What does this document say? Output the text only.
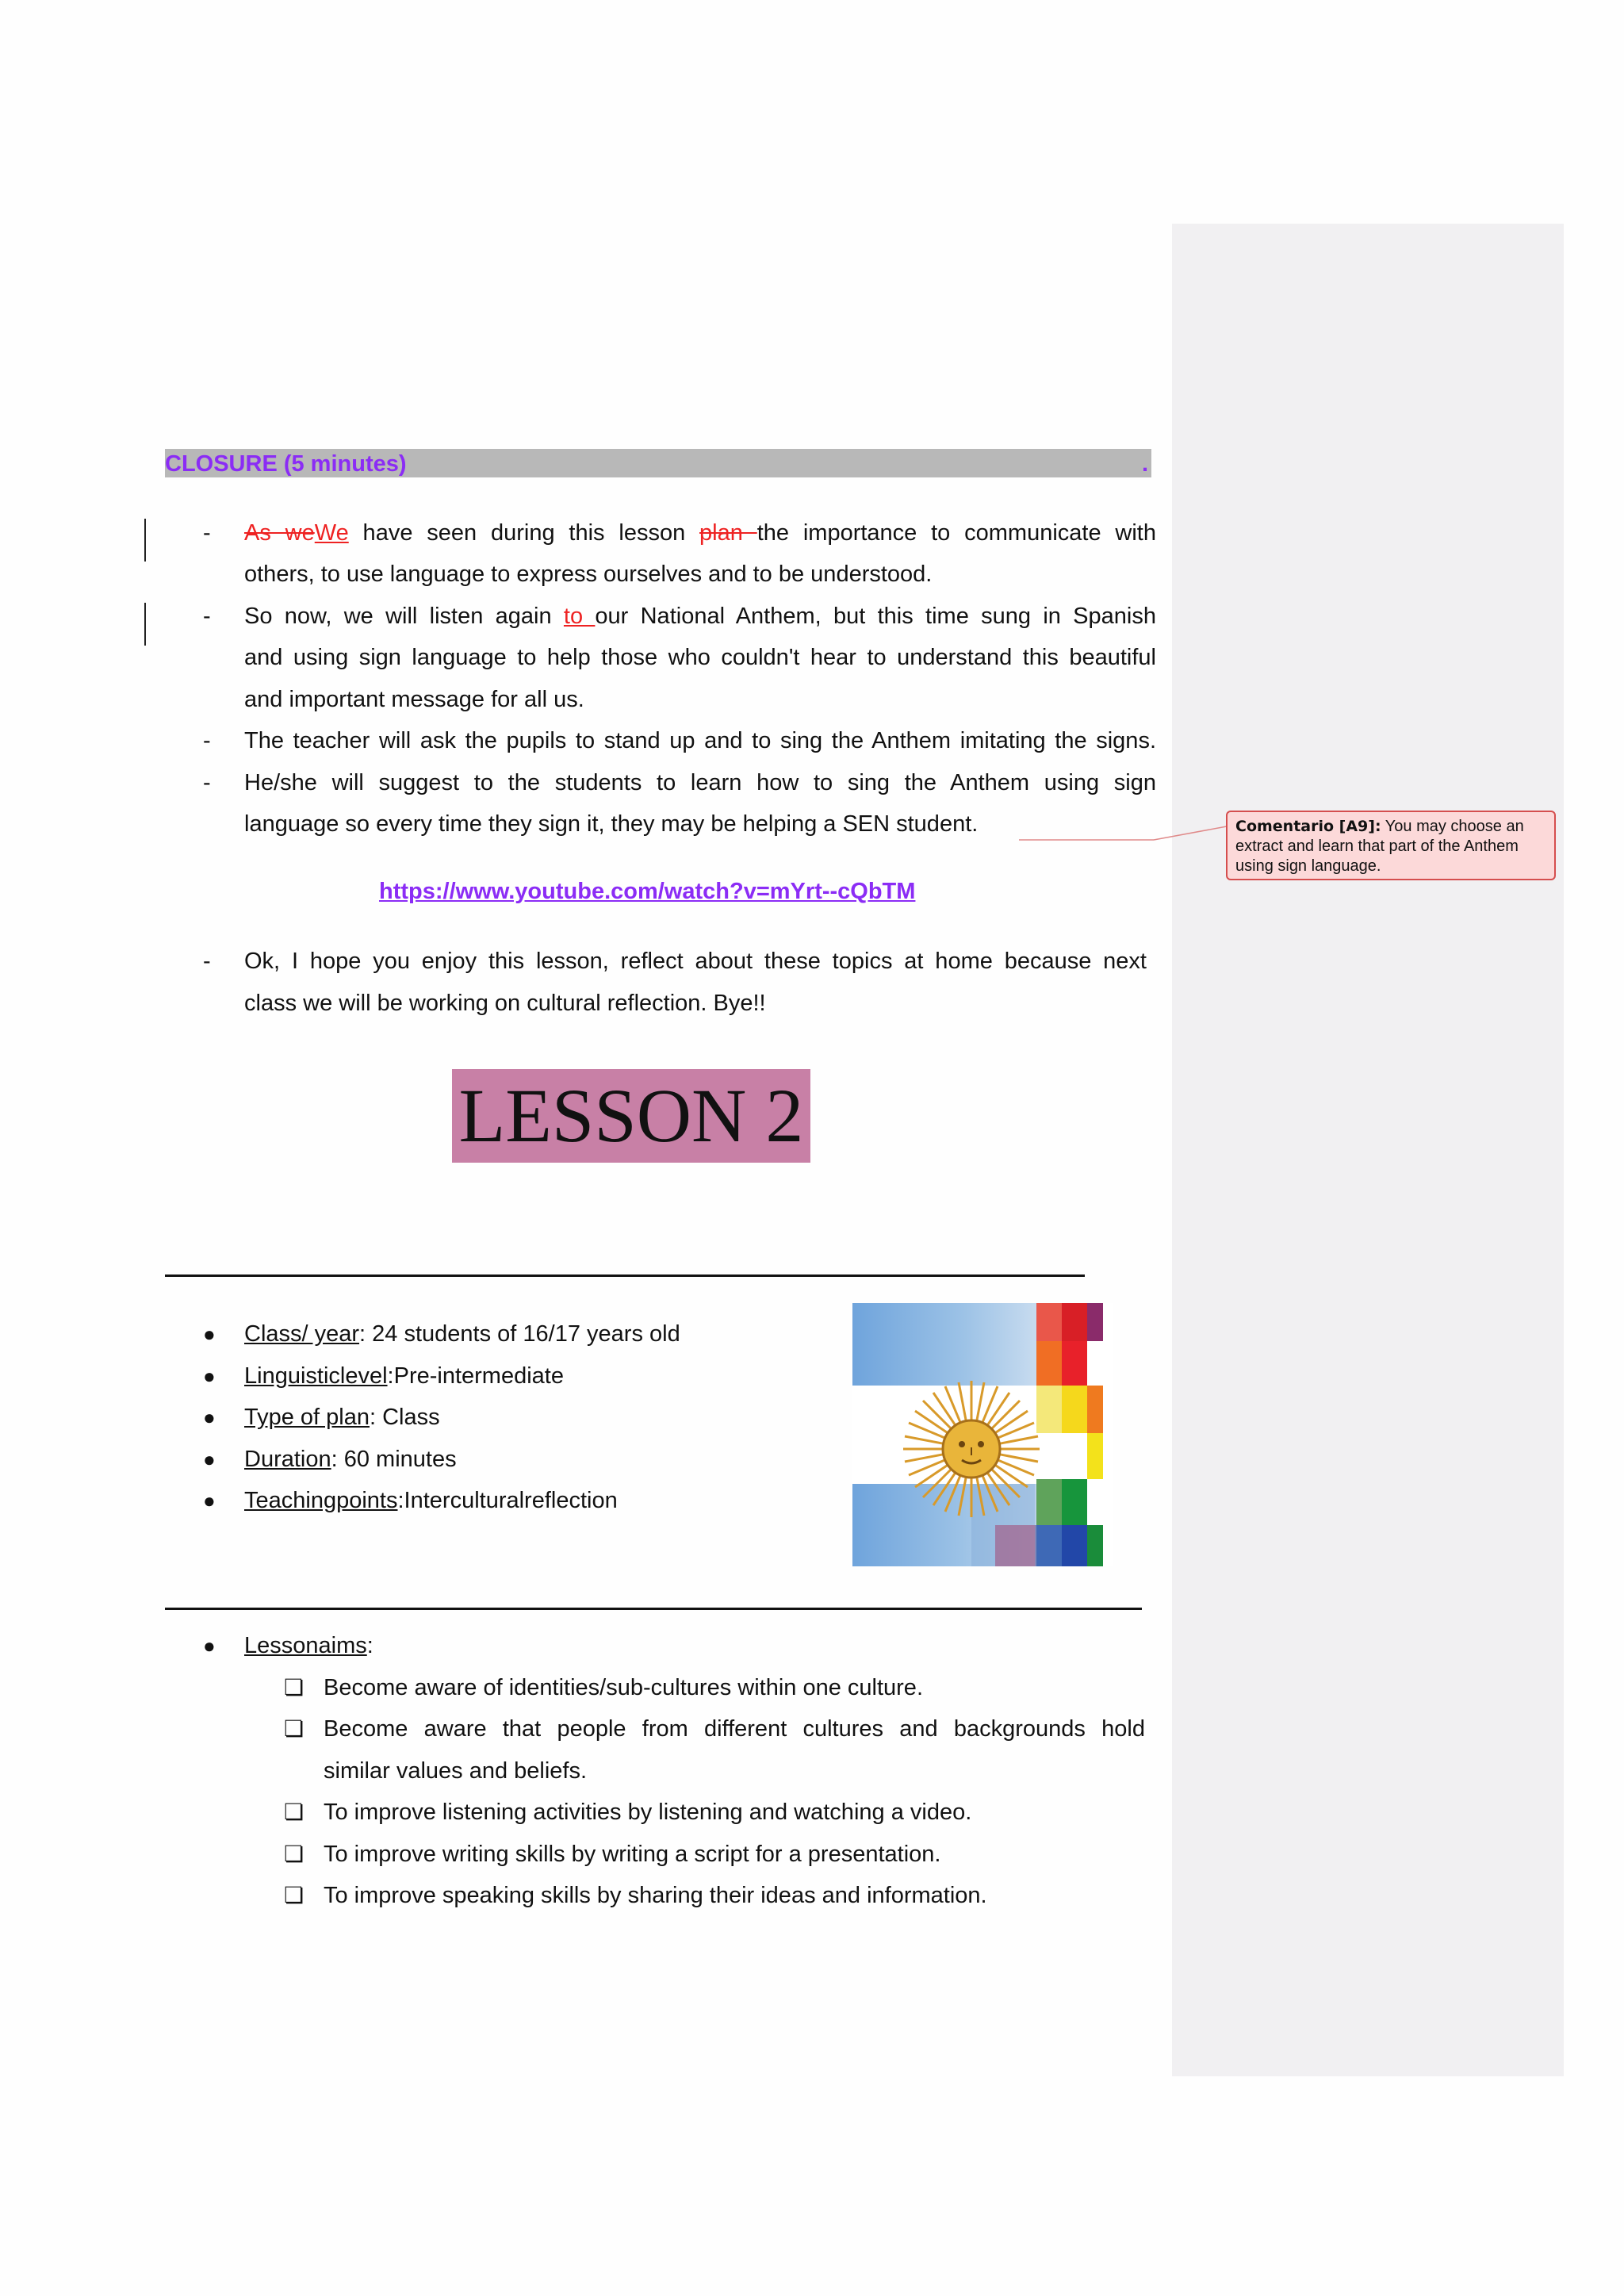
Comentario [A9]: You may choose an extract and learn that part of the Anthem using sign language.
CLOSURE (5 minutes)	.
- As weWe have seen during this lesson plan the importance to communicate with
others, to use language to express ourselves and to be understood.
- So now, we will listen again to our National Anthem, but this time sung in Spanish
and using sign language to help those who couldn't hear to understand this beautiful
and important message for all us.
- The teacher will ask the pupils to stand up and to sing the Anthem imitating the signs.
- He/she will suggest to the students to learn how to sing the Anthem using sign
language so every time they sign it, they may be helping a SEN student.
https://www.youtube.com/watch?v=mYrt--cQbTM
- Ok, I hope you enjoy this lesson, reflect about these topics at home because next
class we will be working on cultural reflection. Bye!!
LESSON 2
● Class/ year: 24 students of 16/17 years old
● Linguisticlevel:Pre-intermediate
● Type of plan: Class
● Duration: 60 minutes
● Teachingpoints:Interculturalreflection
● Lessonaims:
❏ Become aware of identities/sub-cultures within one culture.
❏ Become aware that people from different cultures and backgrounds hold
similar values and beliefs.
❏ To improve listening activities by listening and watching a video.
❏ To improve writing skills by writing a script for a presentation.
❏ To improve speaking skills by sharing their ideas and information.
